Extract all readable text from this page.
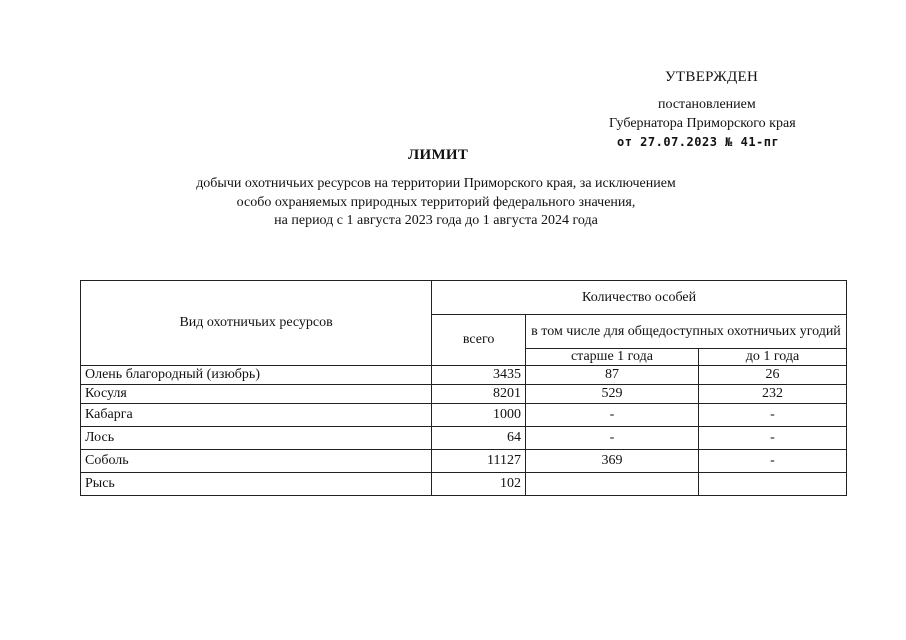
УТВЕРЖДЕН
постановлением
Губернатора Приморского края
от 27.07.2023 № 41-пг
ЛИМИТ
добычи охотничьих ресурсов на территории Приморского края, за исключением
особо охраняемых природных территорий федерального значения,
на период с 1 августа 2023 года до 1 августа 2024 года
Вид охотничьих ресурсов	Количество особей		
	всего	в том числе для общедоступных охотничьих угодий	
		старше 1 года	до 1 года
Олень благородный (изюбрь)	3435	87	26
Косуля	8201	529	232
Кабарга	1000	-	-
Лось	64	-	-
Соболь	11127	369	-
Рысь	102		
